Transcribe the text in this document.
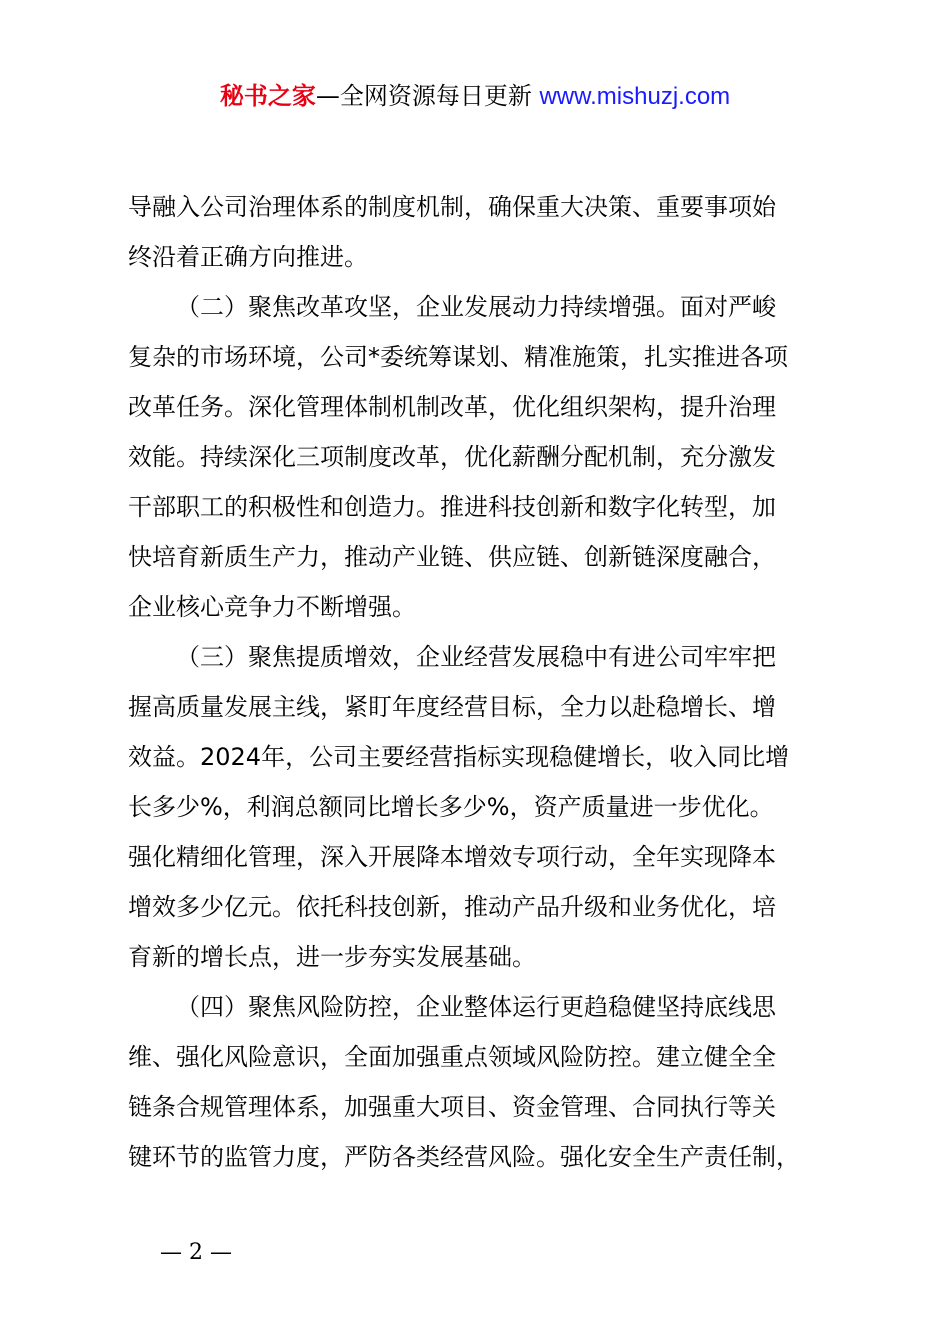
秘书之家—全网资源每日更新 www.mishuzj.com
导融入公司治理体系的制度机制，确保重大决策、重要事项始
终沿着正确方向推进。
（二）聚焦改革攻坚，企业发展动力持续增强。面对严峻
复杂的市场环境，公司*委统筹谋划、精准施策，扎实推进各项
改革任务。深化管理体制机制改革，优化组织架构，提升治理
效能。持续深化三项制度改革，优化薪酬分配机制，充分激发
干部职工的积极性和创造力。推进科技创新和数字化转型，加
快培育新质生产力，推动产业链、供应链、创新链深度融合，
企业核心竞争力不断增强。
（三）聚焦提质增效，企业经营发展稳中有进公司牢牢把
握高质量发展主线，紧盯年度经营目标，全力以赴稳增长、增
效益。2024年，公司主要经营指标实现稳健增长，收入同比增
长多少%，利润总额同比增长多少%，资产质量进一步优化。
强化精细化管理，深入开展降本增效专项行动，全年实现降本
增效多少亿元。依托科技创新，推动产品升级和业务优化，培
育新的增长点，进一步夯实发展基础。
（四）聚焦风险防控，企业整体运行更趋稳健坚持底线思
维、强化风险意识，全面加强重点领域风险防控。建立健全全
链条合规管理体系，加强重大项目、资金管理、合同执行等关
键环节的监管力度，严防各类经营风险。强化安全生产责任制，
— 2 —
